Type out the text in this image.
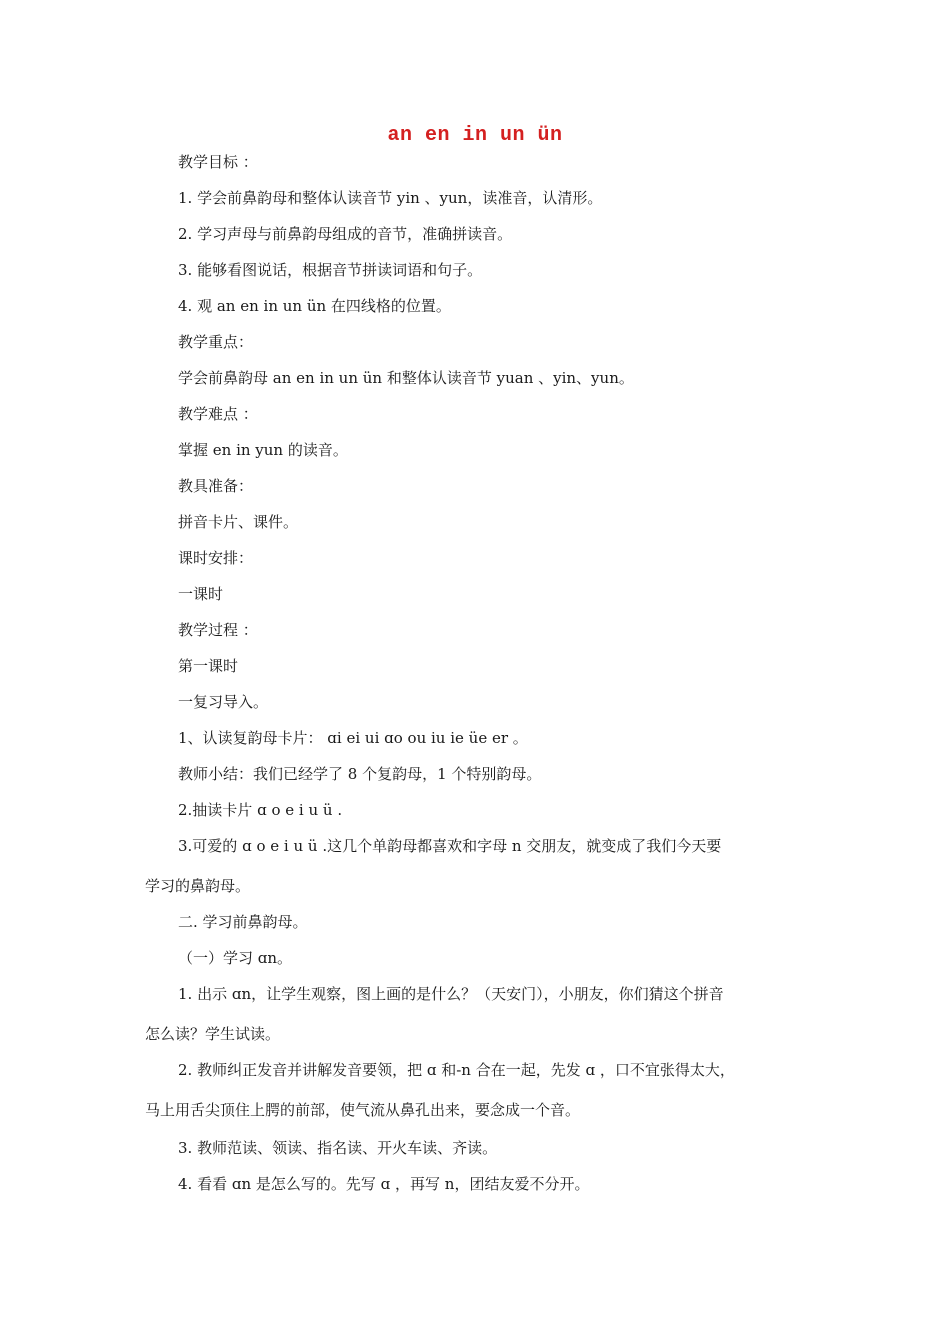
an en in un ün
教学目标 ：
1. 学会前鼻韵母和整体认读音节 yin 、yun，读准音，认清形。
2. 学习声母与前鼻韵母组成的音节，准确拼读音。
3. 能够看图说话，根据音节拼读词语和句子。
4. 观 an en in un ün 在四线格的位置。
教学重点：
学会前鼻韵母 an en in un ün 和整体认读音节 yuan 、yin、yun。
教学难点 ：
掌握 en in yun 的读音。
教具准备：
拼音卡片、课件。
课时安排：
一课时
教学过程 ：
第一课时
一复习导入。
1、认读复韵母卡片： ɑi ei ui ɑo ou iu ie üe er 。
教师小结：我们已经学了 8 个复韵母，1 个特别韵母。
2.抽读卡片 ɑ o e i u ü .
3.可爱的 ɑ o e i u ü .这几个单韵母都喜欢和字母 n 交朋友，就变成了我们今天要
学习的鼻韵母。
二. 学习前鼻韵母。
（一）学习 ɑn。
1. 出示 ɑn，让学生观察，图上画的是什么？（天安门），小朋友，你们猜这个拼音
怎么读？学生试读。
2. 教师纠正发音并讲解发音要领，把 ɑ 和-n 合在一起，先发 ɑ ，口不宜张得太大，
马上用舌尖顶住上腭的前部，使气流从鼻孔出来，要念成一个音。
3. 教师范读、领读、指名读、开火车读、齐读。
4. 看看 ɑn 是怎么写的。先写 ɑ ，再写 n，团结友爱不分开。
